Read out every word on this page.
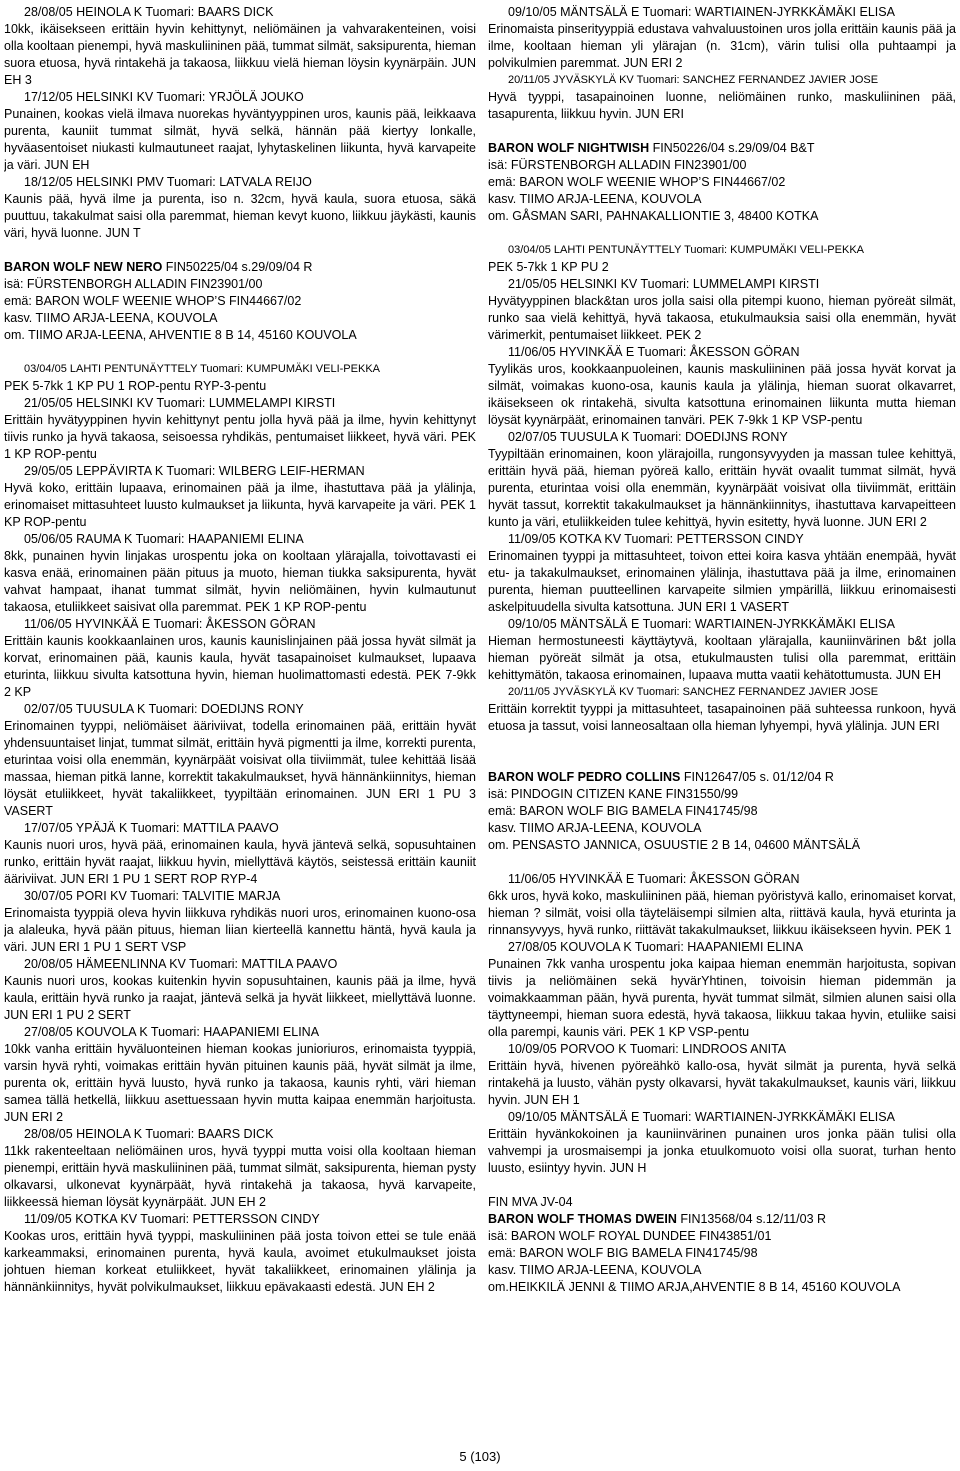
28/08/05 HEINOLA K Tuomari: BAARS DICK

10kk, ikäisekseen erittäin hyvin kehittynyt, neliömäinen ja vahvarakenteinen, voisi olla kooltaan pienempi, hyvä maskuliininen pää, tummat silmät, saksipurenta, hieman suora etuosa, hyvä rintakehä ja takaosa, liikkuu vielä hieman löysin kyynärpäin. JUN EH 3

17/12/05 HELSINKI KV Tuomari: YRJÖLÄ JOUKO

Punainen, kookas vielä ilmava nuorekas hyväntyyppinen uros, kaunis pää, leikkaava purenta, kauniit tummat silmät, hyvä selkä, hännän pää kiertyy lonkalle, hyväasentoiset niukasti kulmautuneet raajat, lyhytaskelinen liikunta, hyvä karvapeite ja väri. JUN EH

18/12/05 HELSINKI PMV Tuomari: LATVALA REIJO

Kaunis pää, hyvä ilme ja purenta, iso n. 32cm, hyvä kaula, suora etuosa, säkä puuttuu, takakulmat saisi olla paremmat, hieman kevyt kuono, liikkuu jäykästi, kaunis väri, hyvä luonne. JUN T

BARON WOLF NEW NERO FIN50225/04 s.29/09/04 R

isä: FÜRSTENBORGH ALLADIN FIN23901/00

emä: BARON WOLF WEENIE WHOP’S FIN44667/02

kasv. TIIMO ARJA-LEENA, KOUVOLA

om. TIIMO ARJA-LEENA, AHVENTIE 8 B 14, 45160 KOUVOLA

03/04/05 LAHTI PENTUNÄYTTELY Tuomari: KUMPUMÄKI VELI-PEKKA

PEK 5-7kk 1 KP PU 1 ROP-pentu RYP-3-pentu

21/05/05 HELSINKI KV Tuomari: LUMMELAMPI KIRSTI

Erittäin hyvätyyppinen hyvin kehittynyt pentu jolla hyvä pää ja ilme, hyvin kehittynyt tiivis runko ja hyvä takaosa, seisoessa ryhdikäs, pentumaiset liikkeet, hyvä väri. PEK 1 KP ROP-pentu

29/05/05 LEPPÄVIRTA K Tuomari: WILBERG LEIF-HERMAN

Hyvä koko, erittäin lupaava, erinomainen pää ja ilme, ihastuttava pää ja ylälinja, erinomaiset mittasuhteet luusto kulmaukset ja liikunta, hyvä karvapeite ja väri. PEK 1 KP ROP-pentu

05/06/05 RAUMA K Tuomari: HAAPANIEMI ELINA

8kk, punainen hyvin linjakas urospentu joka on kooltaan ylärajalla, toivottavasti ei kasva enää, erinomainen pään pituus ja muoto, hieman tiukka saksipurenta, hyvät vahvat hampaat, ihanat tummat silmät, hyvin neliömäinen, hyvin kulmautunut takaosa, etuliikkeet saisivat olla paremmat. PEK 1 KP ROP-pentu

11/06/05 HYVINKÄÄ E Tuomari: ÅKESSON GÖRAN

Erittäin kaunis kookkaanlainen uros, kaunis kaunislinjainen pää jossa hyvät silmät ja korvat, erinomainen pää, kaunis kaula, hyvät tasapainoiset kulmaukset, lupaava eturinta, liikkuu sivulta katsottuna hyvin, hieman huolimattomasti edestä. PEK 7-9kk 2 KP

02/07/05 TUUSULA K Tuomari: DOEDIJNS RONY

Erinomainen tyyppi, neliömäiset ääriviivat, todella erinomainen pää, erittäin hyvät yhdensuuntaiset linjat, tummat silmät, erittäin hyvä pigmentti ja ilme, korrekti purenta, eturintaa voisi olla enemmän, kyynärpäät voisivat olla tiiviimmät, tulee kehittää lisää massaa, hieman pitkä lanne, korrektit takakulmaukset, hyvä hännänkiinnitys, hieman löysät etuliikkeet, hyvät takaliikkeet, tyypiltään erinomainen. JUN ERI 1 PU 3 VASERT

17/07/05 YPÄJÄ K Tuomari: MATTILA PAAVO

Kaunis nuori uros, hyvä pää, erinomainen kaula, hyvä jäntevä selkä, sopusuhtainen runko, erittäin hyvät raajat, liikkuu hyvin, miellyttävä käytös, seistessä erittäin kauniit ääriviivat. JUN ERI 1 PU 1 SERT ROP RYP-4

30/07/05 PORI KV Tuomari: TALVITIE MARJA

Erinomaista tyyppiä oleva hyvin liikkuva ryhdikäs nuori uros, erinomainen kuono-osa ja alaleuka, hyvä pään pituus, hieman liian kierteellä kannettu häntä, hyvä kaula ja väri. JUN ERI 1 PU 1 SERT VSP

20/08/05 HÄMEENLINNA KV Tuomari: MATTILA PAAVO

Kaunis nuori uros, kookas kuitenkin hyvin sopusuhtainen, kaunis pää ja ilme, hyvä kaula, erittäin hyvä runko ja raajat, jäntevä selkä ja hyvät liikkeet, miellyttävä luonne. JUN ERI 1 PU 2 SERT

27/08/05 KOUVOLA K Tuomari: HAAPANIEMI ELINA

10kk vanha erittäin hyväluonteinen hieman kookas junioriuros, erinomaista tyyppiä, varsin hyvä ryhti, voimakas erittäin hyvän pituinen kaunis pää, hyvät silmät ja ilme, purenta ok, erittäin hyvä luusto, hyvä runko ja takaosa, kaunis ryhti, väri hieman samea tällä hetkellä, liikkuu asettuessaan hyvin mutta kaipaa enemmän harjoitusta. JUN ERI 2

28/08/05 HEINOLA K Tuomari: BAARS DICK

11kk rakenteeltaan neliömäinen uros, hyvä tyyppi mutta voisi olla kooltaan hieman pienempi, erittäin hyvä maskuliininen pää, tummat silmät, saksipurenta, hieman pysty olkavarsi, ulkonevat kyynärpäät, hyvä rintakehä ja takaosa, hyvä karvapeite, liikkeessä hieman löysät kyynärpäät. JUN EH 2

11/09/05 KOTKA KV Tuomari: PETTERSSON CINDY

Kookas uros, erittäin hyvä tyyppi, maskuliininen pää josta toivon ettei se tule enää karkeammaksi, erinomainen purenta, hyvä kaula, avoimet etukulmaukset joista johtuen hieman korkeat etuliikkeet, hyvät takaliikkeet, erinomainen ylälinja ja hännänkiinnitys, hyvät polvikulmaukset, liikkuu epävakaasti edestä. JUN EH 2

09/10/05 MÄNTSÄLÄ E Tuomari: WARTIAINEN-JYRKKÄMÄKI ELISA

Erinomaista pinserityyppiä edustava vahvaluustoinen uros jolla erittäin kaunis pää ja ilme, kooltaan hieman yli ylärajan (n. 31cm), värin tulisi olla puhtaampi ja polvikulmien paremmat. JUN ERI 2

20/11/05 JYVÄSKYLÄ KV Tuomari: SANCHEZ FERNANDEZ JAVIER JOSE

Hyvä tyyppi, tasapainoinen luonne, neliömäinen runko, maskuliininen pää, tasapurenta, liikkuu hyvin. JUN ERI

BARON WOLF NIGHTWISH FIN50226/04 s.29/09/04 B&T

isä: FÜRSTENBORGH ALLADIN FIN23901/00

emä: BARON WOLF WEENIE WHOP’S FIN44667/02

kasv. TIIMO ARJA-LEENA, KOUVOLA

om. GÅSMAN SARI, PAHNAKALLIONTIE 3, 48400 KOTKA

03/04/05 LAHTI PENTUNÄYTTELY Tuomari: KUMPUMÄKI VELI-PEKKA

PEK 5-7kk 1 KP PU 2

21/05/05 HELSINKI KV Tuomari: LUMMELAMPI KIRSTI

Hyvätyyppinen black&tan uros jolla saisi olla pitempi kuono, hieman pyöreät silmät, runko saa vielä kehittyä, hyvä takaosa, etukulmauksia saisi olla enemmän, hyvät värimerkit, pentumaiset liikkeet. PEK 2

11/06/05 HYVINKÄÄ E Tuomari: ÅKESSON GÖRAN

Tyylikäs uros, kookkaanpuoleinen, kaunis maskuliininen pää jossa hyvät korvat ja silmät, voimakas kuono-osa, kaunis kaula ja ylälinja, hieman suorat olkavarret, ikäisekseen ok rintakehä, sivulta katsottuna erinomainen liikunta mutta hieman löysät kyynärpäät, erinomainen tanväri. PEK 7-9kk 1 KP VSP-pentu

02/07/05 TUUSULA K Tuomari: DOEDIJNS RONY

Tyypiltään erinomainen, koon ylärajoilla, rungonsyvyyden ja massan tulee kehittyä, erittäin hyvä pää, hieman pyöreä kallo, erittäin hyvät ovaalit tummat silmät, hyvä purenta, eturintaa voisi olla enemmän, kyynärpäät voisivat olla tiiviimmät, erittäin hyvät tassut, korrektit takakulmaukset ja hännänkiinnitys, ihastuttava karvapeitteen kunto ja väri, etuliikkeiden tulee kehittyä, hyvin esitetty, hyvä luonne. JUN ERI 2

11/09/05 KOTKA KV Tuomari: PETTERSSON CINDY

Erinomainen tyyppi ja mittasuhteet, toivon ettei koira kasva yhtään enempää, hyvät etu- ja takakulmaukset, erinomainen ylälinja, ihastuttava pää ja ilme, erinomainen purenta, hieman puutteellinen karvapeite silmien ympärillä, liikkuu erinomaisesti askelpituudella sivulta katsottuna. JUN ERI 1 VASERT

09/10/05 MÄNTSÄLÄ E Tuomari: WARTIAINEN-JYRKKÄMÄKI ELISA

Hieman hermostuneesti käyttäytyvä, kooltaan ylärajalla, kauniinvärinen b&t jolla hieman pyöreät silmät ja otsa, etukulmausten tulisi olla paremmat, erittäin kehittymätön, takaosa erinomainen, lupaava mutta vaatii kehätottumusta. JUN EH

20/11/05 JYVÄSKYLÄ KV Tuomari: SANCHEZ FERNANDEZ JAVIER JOSE

Erittäin korrektit tyyppi ja mittasuhteet, tasapainoinen pää suhteessa runkoon, hyvä etuosa ja tassut, voisi lanneosaltaan olla hieman lyhyempi, hyvä ylälinja. JUN ERI

BARON WOLF PEDRO COLLINS FIN12647/05 s. 01/12/04 R

isä: PINDOGIN CITIZEN KANE FIN31550/99

emä: BARON WOLF BIG BAMELA FIN41745/98

kasv. TIIMO ARJA-LEENA, KOUVOLA

om. PENSASTO JANNICA, OSUUSTIE 2 B 14, 04600 MÄNTSÄLÄ

11/06/05 HYVINKÄÄ E Tuomari: ÅKESSON GÖRAN

6kk uros, hyvä koko, maskuliininen pää, hieman pyöristyvä kallo, erinomaiset korvat, hieman ? silmät, voisi olla täyteläisempi silmien alta, riittävä kaula, hyvä eturinta ja rinnansyvyys, hyvä runko, riittävät takakulmaukset, liikkuu ikäisekseen hyvin. PEK 1

27/08/05 KOUVOLA K Tuomari: HAAPANIEMI ELINA

Punainen 7kk vanha urospentu joka kaipaa hieman enemmän harjoitusta, sopivan tiivis ja neliömäinen sekä hyvärYhtinen, toivoisin hieman pidemmän ja voimakkaamman pään, hyvä purenta, hyvät tummat silmät, silmien alunen saisi olla täyttyneempi, hieman suora edestä, hyvä takaosa, liikkuu takaa hyvin, etuliike saisi olla parempi, kaunis väri. PEK 1 KP VSP-pentu

10/09/05 PORVOO K Tuomari: LINDROOS ANITA

Erittäin hyvä, hivenen pyöreähkö kallo-osa, hyvät silmät ja purenta, hyvä selkä rintakehä ja luusto, vähän pysty olkavarsi, hyvät takakulmaukset, kaunis väri, liikkuu hyvin. JUN EH 1

09/10/05 MÄNTSÄLÄ E Tuomari: WARTIAINEN-JYRKKÄMÄKI ELISA

Erittäin hyvänkokoinen ja kauniinvärinen punainen uros jonka pään tulisi olla vahvempi ja urosmaisempi ja jonka etuulkomuoto voisi olla suorat, turhan hento luusto, esiintyy hyvin. JUN H

FIN MVA JV-04

BARON WOLF THOMAS DWEIN FIN13568/04 s.12/11/03 R

isä: BARON WOLF ROYAL DUNDEE FIN43851/01

emä: BARON WOLF BIG BAMELA FIN41745/98

kasv. TIIMO ARJA-LEENA, KOUVOLA

om.HEIKKILÄ JENNI & TIIMO ARJA,AHVENTIE 8 B 14, 45160 KOUVOLA

5 (103)
